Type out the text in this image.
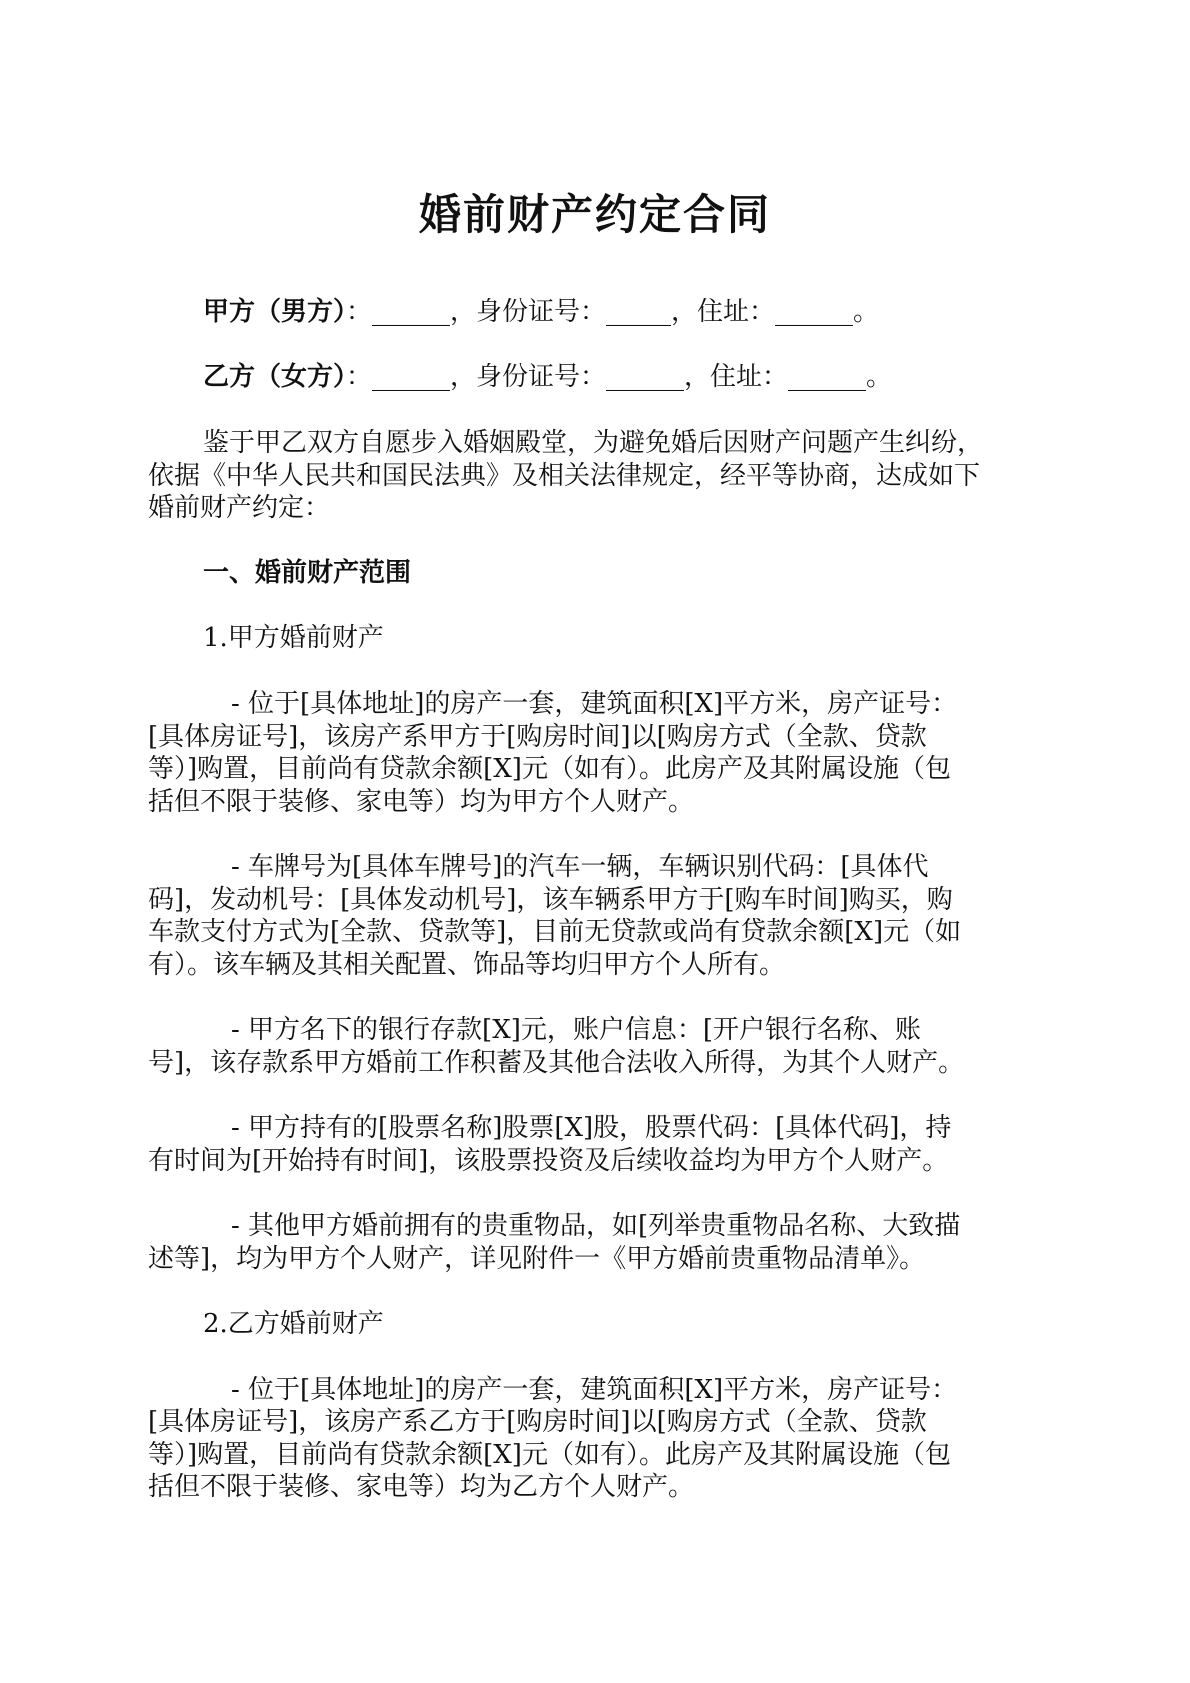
婚前财产约定合同
甲方（男方）：______，身份证号：_____，住址：______。
乙方（女方）：______，身份证号：______，住址：______。
鉴于甲乙双方自愿步入婚姻殿堂，为避免婚后因财产问题产生纠纷，
依据《中华人民共和国民法典》及相关法律规定，经平等协商，达成如下
婚前财产约定：
一、婚前财产范围
1.甲方婚前财产
- 位于[具体地址]的房产一套，建筑面积[X]平方米，房产证号：
[具体房证号]，该房产系甲方于[购房时间]以[购房方式（全款、贷款
等）]购置，目前尚有贷款余额[X]元（如有）。此房产及其附属设施（包
括但不限于装修、家电等）均为甲方个人财产。
- 车牌号为[具体车牌号]的汽车一辆，车辆识别代码：[具体代
码]，发动机号：[具体发动机号]，该车辆系甲方于[购车时间]购买，购
车款支付方式为[全款、贷款等]，目前无贷款或尚有贷款余额[X]元（如
有）。该车辆及其相关配置、饰品等均归甲方个人所有。
- 甲方名下的银行存款[X]元，账户信息：[开户银行名称、账
号]，该存款系甲方婚前工作积蓄及其他合法收入所得，为其个人财产。
- 甲方持有的[股票名称]股票[X]股，股票代码：[具体代码]，持
有时间为[开始持有时间]，该股票投资及后续收益均为甲方个人财产。
- 其他甲方婚前拥有的贵重物品，如[列举贵重物品名称、大致描
述等]，均为甲方个人财产，详见附件一《甲方婚前贵重物品清单》。
2.乙方婚前财产
- 位于[具体地址]的房产一套，建筑面积[X]平方米，房产证号：
[具体房证号]，该房产系乙方于[购房时间]以[购房方式（全款、贷款
等）]购置，目前尚有贷款余额[X]元（如有）。此房产及其附属设施（包
括但不限于装修、家电等）均为乙方个人财产。
